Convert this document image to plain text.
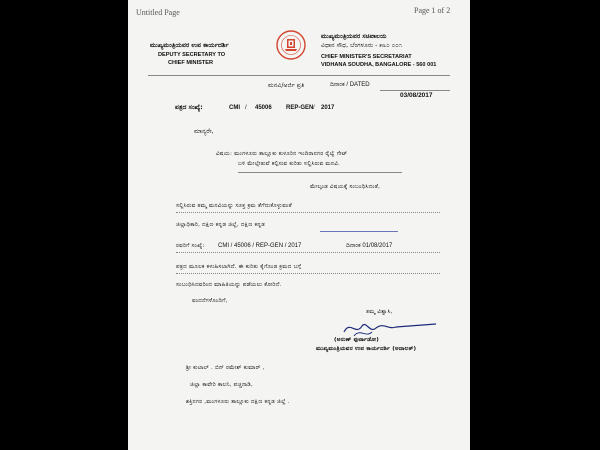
Untitled Page	Page 1 of 2
ಮುಖ್ಯಮಂತ್ರಿಯವರ ಉಪ ಕಾರ್ಯದರ್ಶಿ
DEPUTY SECRETARY TO
CHIEF MINISTER
ಮುಖ್ಯಮಂತ್ರಿಯವರ ಸಚಿವಾಲಯ
ವಿಧಾನ ಸೌಧ, ಬೆಂಗಳೂರು - ೫೬೦ ೦೦೧
CHIEF MINISTER'S SECRETARIAT
VIDHANA SOUDHA, BANGALORE - 560 001
ಮನವಿ/ಅರ್ಜಿ ಪ್ರತಿ	ದಿನಾಂಕ / DATED
03/08/2017
ಪತ್ರದ ಸಂಖ್ಯೆ:	CMI / 45006 REP-GEN / 2017
ಮಾನ್ಯರೇ,
ವಿಷಯ: ಮಂಗಳೂರು ತಾಲ್ಲೂಕು ಕುಳೂರಿನ ಇಂದಿರಾನಗರ ರೈಲ್ವೆ ಗೇಟ್
ಬಳಿ ಮೇಲ್ಸೇತುವೆ ಕಲ್ಪಿಸುವ ಕುರಿತು ಸಲ್ಲಿಸಿರುವ ಮನವಿ.
ಮೇಲ್ಕಂಡ ವಿಷಯಕ್ಕೆ ಸಂಬಂಧಿಸಿದಂತೆ,
ಸಲ್ಲಿಸಿರುವ ತಮ್ಮ ಮನವಿಯನ್ನು ಸೂಕ್ತ ಕ್ರಮ ತೆಗೆದುಕೊಳ್ಳುವಂತೆ
ಜಿಲ್ಲಾಧಿಕಾರಿ, ದಕ್ಷಿಣ ಕನ್ನಡ ಜಿಲ್ಲೆ, ದಕ್ಷಿಣ ಕನ್ನಡ
ರವರಿಗೆ ಸಂಖ್ಯೆ: CMI / 45006 / REP-GEN / 2017	ದಿನಾಂಕ 01/08/2017
ಪತ್ರದ ಮೂಲಕ ಕಳುಹಿಸಲಾಗಿದೆ. ಈ ಕುರಿತು ಕೈಗೊಂಡ ಕ್ರಮದ ಬಗ್ಗೆ
ಸಂಬಂಧಿಸಿದವರಿಂದ ಮಾಹಿತಿಯನ್ನು ಪಡೆಯಲು ಕೋರಿದೆ.
ವಂದನೆಗಳೊಂದಿಗೆ,
ತಮ್ಮ ವಿಶ್ವಾಸಿ,
(ಅರುಣ್ ಫುರ್ಟಾಡೋ)
ಮುಖ್ಯಮಂತ್ರಿಯವರ ಉಪ ಕಾರ್ಯದರ್ಶಿ (ಅದಾಲತ್)
ಶ್ರೀ ಕುಲಾಲ್ . ಬಿನ್ ರಮೇಶ್ ಕುಮಾರ್ ,
ಜಿಲ್ಲಾ ಕಾವೇರಿ ಕಾಲನಿ, ಪಚ್ಚನಾಡಿ,
ಶಕ್ತಿನಗರ ,ಮಂಗಳೂರು ತಾಲ್ಲೂಕು ದಕ್ಷಿಣ ಕನ್ನಡ ಜಿಲ್ಲೆ .
